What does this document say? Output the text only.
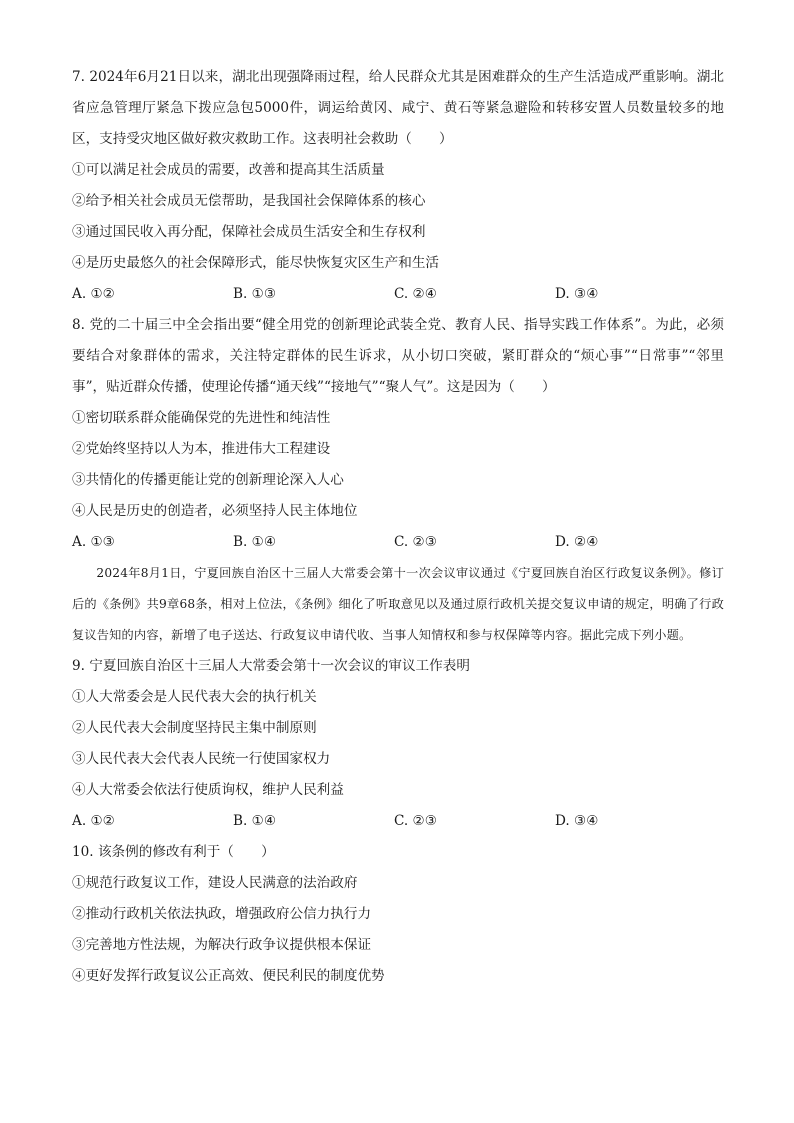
7. 2024年6月21日以来，湖北出现强降雨过程，给人民群众尤其是困难群众的生产生活造成严重影响。湖北省应急管理厅紧急下拨应急包5000件，调运给黄冈、咸宁、黄石等紧急避险和转移安置人员数量较多的地区，支持受灾地区做好救灾救助工作。这表明社会救助（　　）
①可以满足社会成员的需要，改善和提高其生活质量
②给予相关社会成员无偿帮助，是我国社会保障体系的核心
③通过国民收入再分配，保障社会成员生活安全和生存权利
④是历史最悠久的社会保障形式，能尽快恢复灾区生产和生活
A. ①②	B. ①③	C. ②④	D. ③④
8. 党的二十届三中全会指出要“健全用党的创新理论武装全党、教育人民、指导实践工作体系”。为此，必须要结合对象群体的需求，关注特定群体的民生诉求，从小切口突破，紧盯群众的“烦心事”“日常事”“邻里事”，贴近群众传播，使理论传播“通天线”“接地气”“聚人气”。这是因为（　　）
①密切联系群众能确保党的先进性和纯洁性
②党始终坚持以人为本，推进伟大工程建设
③共情化的传播更能让党的创新理论深入人心
④人民是历史的创造者，必须坚持人民主体地位
A. ①③	B. ①④	C. ②③	D. ②④
2024年8月1日，宁夏回族自治区十三届人大常委会第十一次会议审议通过《宁夏回族自治区行政复议条例》。修订后的《条例》共9章68条，相对上位法，《条例》细化了听取意见以及通过原行政机关提交复议申请的规定，明确了行政复议告知的内容，新增了电子送达、行政复议申请代收、当事人知情权和参与权保障等内容。据此完成下列小题。
9. 宁夏回族自治区十三届人大常委会第十一次会议的审议工作表明
①人大常委会是人民代表大会的执行机关
②人民代表大会制度坚持民主集中制原则
③人民代表大会代表人民统一行使国家权力
④人大常委会依法行使质询权，维护人民利益
A. ①②	B. ①④	C. ②③	D. ③④
10. 该条例的修改有利于（　　）
①规范行政复议工作，建设人民满意的法治政府
②推动行政机关依法执政，增强政府公信力执行力
③完善地方性法规，为解决行政争议提供根本保证
④更好发挥行政复议公正高效、便民利民的制度优势
